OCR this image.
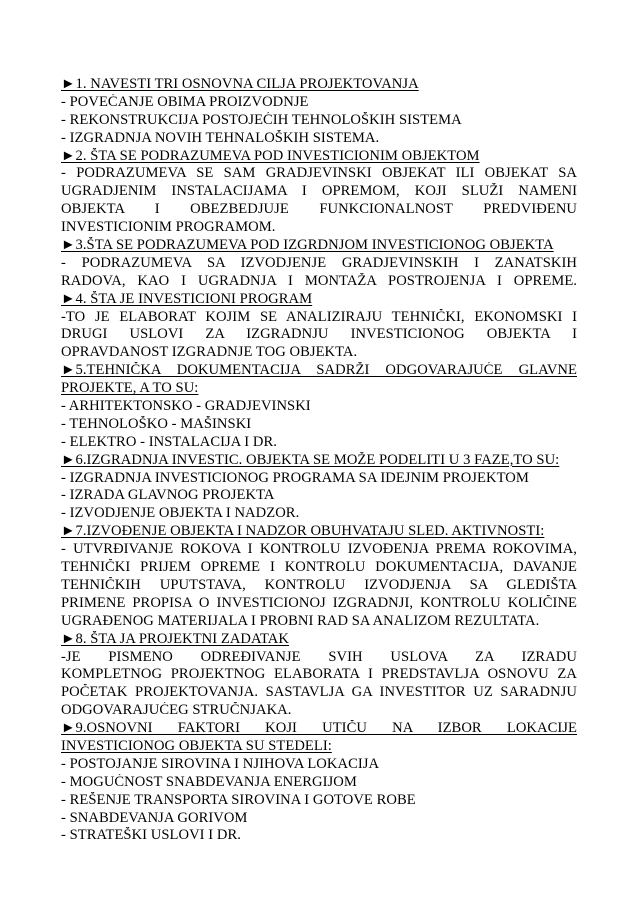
►1. NAVESTI TRI OSNOVNA CILJA PROJEKTOVANJA
- POVEĆANJE OBIMA PROIZVODNJE
- REKONSTRUKCIJA POSTOJEĆIH TEHNOLOŠKIH SISTEMA
- IZGRADNJA NOVIH TEHNALOŠKIH SISTEMA.
►2. ŠTA SE PODRAZUMEVA POD INVESTICIONIM OBJEKTOM
- PODRAZUMEVA SE SAM GRADJEVINSKI OBJEKAT ILI OBJEKAT SA
UGRADJENIM INSTALACIJAMA I OPREMOM, KOJI SLUŽI NAMENI
OBJEKTA I OBEZBEDJUJE FUNKCIONALNOST PREDVIĐENU
INVESTICIONIM PROGRAMOM.
►3.ŠTA SE PODRAZUMEVA POD IZGRDNJOM INVESTICIONOG OBJEKTA
- PODRAZUMEVA SA IZVODJENJE GRADJEVINSKIH I ZANATSKIH
RADOVA, KAO I UGRADNJA I MONTAŽA POSTROJENJA I OPREME.
►4. ŠTA JE INVESTICIONI PROGRAM
-TO JE ELABORAT KOJIM SE ANALIZIRAJU TEHNIČKI, EKONOMSKI I
DRUGI USLOVI ZA IZGRADNJU INVESTICIONOG OBJEKTA I
OPRAVDANOST IZGRADNJE TOG OBJEKTA.
►5.TEHNIČKA DOKUMENTACIJA SADRŽI ODGOVARAJUĆE GLAVNE
PROJEKTE, A TO SU:
- ARHITEKTONSKO - GRADJEVINSKI
- TEHNOLOŠKO - MAŠINSKI
- ELEKTRO - INSTALACIJA I DR.
►6.IZGRADNJA INVESTIC. OBJEKTA SE MOŽE PODELITI U 3 FAZE,TO SU:
- IZGRADNJA INVESTICIONOG PROGRAMA SA IDEJNIM PROJEKTOM
- IZRADA GLAVNOG PROJEKTA
- IZVODJENJE OBJEKTA I NADZOR.
►7.IZVOĐENJE OBJEKTA I NADZOR OBUHVATAJU SLED. AKTIVNOSTI:
- UTVRĐIVANJE ROKOVA I KONTROLU IZVOĐENJA PREMA ROKOVIMA,
TEHNIČKI PRIJEM OPREME I KONTROLU DOKUMENTACIJA, DAVANJE
TEHNIČKIH UPUTSTAVA, KONTROLU IZVODJENJA SA GLEDIŠTA
PRIMENE PROPISA O INVESTICIONOJ IZGRADNJI, KONTROLU KOLIČINE
UGRAĐENOG MATERIJALA I PROBNI RAD SA ANALIZOM REZULTATA.
►8. ŠTA JA PROJEKTNI ZADATAK
-JE PISMENO ODREĐIVANJE SVIH USLOVA ZA IZRADU
KOMPLETNOG PROJEKTNOG ELABORATA I PREDSTAVLJA OSNOVU ZA
POČETAK PROJEKTOVANJA. SASTAVLJA GA INVESTITOR UZ SARADNJU
ODGOVARAJUĆEG STRUČNJAKA.
►9.OSNOVNI FAKTORI KOJI UTIČU NA IZBOR LOKACIJE
INVESTICIONOG OBJEKTA SU STEDELI:
- POSTOJANJE SIROVINA I NJIHOVA LOKACIJA
- MOGUĆNOST SNABDEVANJA ENERGIJOM
- REŠENJE TRANSPORTA SIROVINA I GOTOVE ROBE
- SNABDEVANJA GORIVOM
- STRATEŠKI USLOVI I DR.
